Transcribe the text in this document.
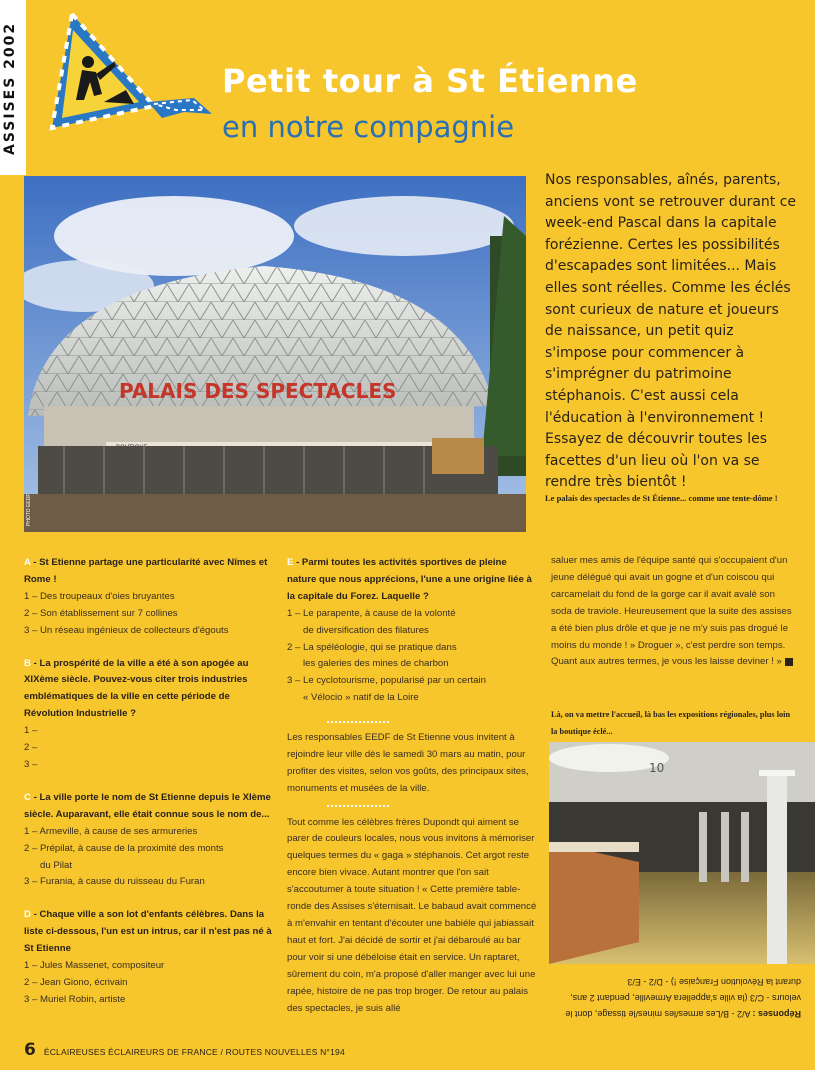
ASSISES 2002	Petit tour à St Étienne
en notre compagnie
PALAIS DES SPECTACLES
PHOTO EEDF
Nos responsables, aînés, parents, anciens vont se retrouver durant ce week-end Pascal dans la capitale forézienne. Certes les possibilités d'escapades sont limitées... Mais elles sont réelles. Comme les éclés sont curieux de nature et joueurs de naissance, un petit quiz s'impose pour commencer à s'imprégner du patrimoine stéphanois. C'est aussi cela l'éducation à l'environnement ! Essayez de découvrir toutes les facettes d'un lieu où l'on va se rendre très bientôt !
Le palais des spectacles de St Étienne... comme une tente-dôme !
A - St Etienne partage une particularité avec Nîmes et Rome !
1 – Des troupeaux d'oies bruyantes
2 – Son établissement sur 7 collines
3 – Un réseau ingénieux de collecteurs d'égouts
B - La prospérité de la ville a été à son apogée au XIXème siècle. Pouvez-vous citer trois industries emblématiques de la ville en cette période de Révolution Industrielle ?
1 –
2 –
3 –
C - La ville porte le nom de St Etienne depuis le XIème siècle. Auparavant, elle était connue sous le nom de...
1 – Armeville, à cause de ses armureries
2 – Prépilat, à cause de la proximité des monts
du Pilat
3 – Furania, à cause du ruisseau du Furan
D - Chaque ville a son lot d'enfants célèbres. Dans la liste ci-dessous, l'un est un intrus, car il n'est pas né à St Etienne
1 – Jules Massenet, compositeur
2 – Jean Giono, écrivain
3 – Muriel Robin, artiste
E - Parmi toutes les activités sportives de pleine nature que nous apprécions, l'une a une origine liée à la capitale du Forez. Laquelle ?
1 – Le parapente, à cause de la volonté
de diversification des filatures
2 – La spéléologie, qui se pratique dans
les galeries des mines de charbon
3 – Le cyclotourisme, popularisé par un certain
« Vélocio » natif de la Loire
Les responsables EEDF de St Etienne vous invitent à rejoindre leur ville dès le samedi 30 mars au matin, pour profiter des visites, selon vos goûts, des principaux sites, monuments et musées de la ville.
Tout comme les célèbres frères Dupondt qui aiment se parer de couleurs locales, nous vous invitons à mémoriser quelques termes du « gaga » stéphanois. Cet argot reste encore bien vivace. Autant montrer que l'on sait s'accoutumer à toute situation ! « Cette première table-ronde des Assises s'éternisait. Le babaud avait commencé à m'envahir en tentant d'écouter une babiéle qui jabiassait haut et fort. J'ai décidé de sortir et j'ai débaroulé au bar pour voir si une débéloise était en service. Un raptaret, sûrement du coin, m'a proposé d'aller manger avec lui une rapée, histoire de ne pas trop broger. De retour au palais des spectacles, je suis allé
saluer mes amis de l'équipe santé qui s'occupaient d'un jeune délégué qui avait un gogne et d'un coiscou qui carcamelait du fond de la gorge car il avait avalé son soda de traviole. Heureusement que la suite des assises a été bien plus drôle et que je ne m'y suis pas drogué le moins du monde ! » Droguer », c'est perdre son temps. Quant aux autres termes, je vous les laisse deviner ! »
Là, on va mettre l'accueil, là bas les expositions régionales, plus loin la boutique éclé...
10
Réponses : A/2 - B/Les armes/les mines/le tissage, dont le velours - C/3 (la ville s'appellera Armeville, pendant 2 ans, durant la Révolution Française !) - D/2 - E/3
6 ÉCLAIREUSES ÉCLAIREURS DE FRANCE / ROUTES NOUVELLES N°194
